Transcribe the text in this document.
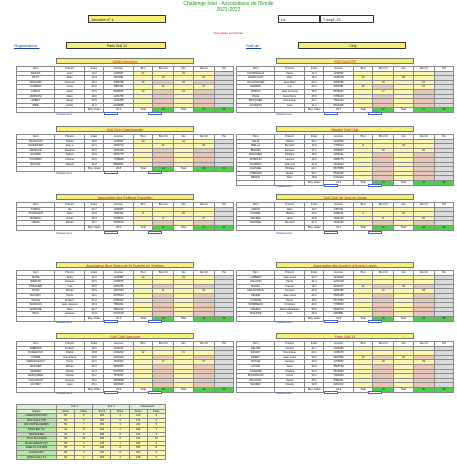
Challenge Inter - Associations de l'Emilie
2021-2022
Journée n° 1	Le	7-sept.-21
Formulaire à imprimer
Organisateur :	Paris Golf 13	Golf de :	Cély
USMA Montigny
Nom	Prénom	Index	Licence	Brut	Brut Clt	Net	Net Clt	Pts
DESSIA	Jean	13.2	1234567	27		33		
PETIT	Marc	20.4	4567891		23		21	
RICHARD	Florence	18.3	3456789	16		34		
LAURENT	Louis	21.8	4887421		21		27	
LUBOS	Henri	24.5	5498532	13		33		
AMPRONI	Alain	18.0	1234765					
ARBET	Serge	22.8	2233456					
BIBE	Andre	21.0	2233888					
		Moy. Index	20.4	Total	23	Total	27	55
Classement
RSV Golf 27B
Nom	Prénom	Index	Licence	Brut	Brut Clt	Net	Net Clt	Pts
CHOPINEAUX	Pierre	21.0	1234567					
LESENCHOT	Mary	18.4	2345678	10		30		
LECHAVALIER	Jean-Marc	22.0	3456789		19		27	
GERARD	Luc	20.1	4567891	16			27	
ADRIAN	Jean-François	29.0	5678912		17			
PACE	Jean-Pierre	25.3	6789123					
BACQUIER	Dominique	22.1	7891234					
CAUDETX	Jean	21.1	8912345					
		Moy. Index	22.7	Total	27	Total	27	54
Classement
Golf Club Castelhamien
Nom	Prénom	Index	Licence	Brut	Brut Clt	Net	Net Clt	Pts
FRANCOIS	Patrick	18.9	1234567	13		16		
PANNETIER	Jean-L.	22.3	3456712		11		26	
GRIMAUD	François	19.0	2233445					
GOTARD	Patrick	19.9	5566778					
COURBAT	Antoine	22.0	7788990					
BOUVAL	Pascal	22.8	8899001					
		Moy. Index	20.8	Total	24	Total	26	50
Classement
Mouleri Golf Club
Nom	Prénom	Index	Licence	Brut	Brut Clt	Net	Net Clt	Pts
FELIX	Patrick	20.1	3344556					
BIELLA	Bernard	16.6	7788112	8		25		
BRIAND	Jacques	27.1	4455667		15		26	
MINGUIER	Philippe	18.0	2255441					
ROBOLIN	Laurent	19.0	9988776					
JOUANNY	Jean-Luc	21.8	1122334					
CHESNEL	Philippe	23.1	6677889					
TUBRAEN	Muriel	25.7	5544332					
BERNA	Alain	18.6	3322110					
		Moy. Index	21.4	Total	23	Total	26	49
Classement
Association des Golfeurs Francilien
Nom	Prénom	Index	Licence	Brut	Brut Clt	Net	Net Clt	Pts
TORDIL	Ida	24.7	1234567					
TOUSSAINT	Alain	23.9	7654321	8		25		
MOREAU	Annie	25.3	2345671		9		27	
OBANI	Michel	28.7	3456123					
		Moy. Index	25.6	Total	17	Total	27	44
Classement
Golf Club de Jouy en Josas
Nom	Prénom	Index	Licence	Brut	Brut Clt	Net	Net Clt	Pts
JARLIN	Marc	19.7	1357911					
CANDEL	Michel	24.0	2468101	4		22		
MAURIE	Henri	19.8	3691215		8		26	
CHESNEL	Bernard	21.0	4812162					
		Moy. Index	19.1	Total	12	Total	26	38
Classement
Association Blue Green de St Quentin en Yvelines
Nom	Prénom	Index	Licence	Brut	Brut Clt	Net	Net Clt	Pts
WANE	Jacky	23.1	1234987	12		33		
RIBATTE	Jacques	21.5	2345876					
PORCHER	Yves	20.5	3456765					
NONA	Michel	25.9	4567654		11		32	
BLAIRAY	Pierre	19.1	5678543					
TAGUE	Frederic	27.2	6789432					
SADADAS	Jean-Jacques	18.4	7890321					
LEFEVRE	Alain	21.7	8901210					
VIDAL	Jacques	22.0	9012109					
		Moy. Index	22.4	Total	23	Total	33	56
Classement
Association des Anciens d'Amelot Loisirs
Nom	Prénom	Index	Licence	Brut	Brut Clt	Net	Net Clt	Pts
LAMBERT	Jean-Louis	23.4	1122009					
GALOPIN	Pierre	21.4	2233118					
BLANC	Francis	19.7	3344227	14		29		
DELAGORCE	Jacques	22.8	4455336		12		28	
PENNE	Jean-Louis	26.3	5566445					
LOURCE	Pierre	18.1	6677554					
SOMBREAU	Christian	24.0	7788663					
MAHIEU	Marie-Madeleine	25.0	8899772					
PHILIPPE	Jean	26.0	9900881					
		Moy. Index	21.5	Total	26	Total	29	55
Classement
Golf Club Liancourt
Nom	Prénom	Index	Licence	Brut	Brut Clt	Net	Net Clt	Pts
AMBROIS	Frederic	19.6	1212121					
BUREAUNO	Patrick	18.8	2323232	12		31		
CORRE	Jean-Pierre	20.6	3434343					
DEMARCEAUX	Pierre	22.1	4545454		17		27	
WAGNER	Michel	21.0	5656565					
GERARD	Charlie	22.4	6767676					
MARQUERE	Claude	24.2	7878787					
CHAUVEAU	Jacques	23.0	8989898					
AUVRET	Jean	25.1	9090909					
		Moy. Index	23.3	Total	29	Total	31	60
Classement
Paris Golf 13
Nom	Prénom	Index	Licence	Brut	Brut Clt	Net	Net Clt	Pts
DELIRE	Gerard	21.7	1029384					
SAVARY	Dominique	23.1	2938475					
ERREY	Jean-Louis	18.2	3847566	16		30		
ROCHE	Jacques	20.4	4756657		18		29	
SOYER	Jean	22.9	5665748					
LAVERDE	Charles	24.0	6574839					
BONGIRAUD	Lionel	23.1	7483920					
BULDOFF	Daniel	25.1	8392011					
SECRET	Claude	22.8	9201102					
		Moy. Index	22.3	Total	34	Total	30	64
Classement
	Jour 1		Jour 2		Classement	
Equipe	Score	Place	Score	Place	Score	Place
USMA MONTIGNY	55	5	155	4	210	4
RSV GOLF 27B	54	6	120	9	174	9
GM CASTELHAMIEN	50	7	160	3	210	5
MOULERI GC	49	8	134	7	183	7
FRANCILIEN	44	9	168	2	212	3
JOUY EN JOSAS	38	10	136	6	174	10
BLUE GREEN SQY	56	3	178	1	234	1
AMELOT LOISIRS	55	4	128	8	183	8
LIANCOURT	60	2	142	5	202	6
PARIS GOLF 13	64	1	154	4	218	2
